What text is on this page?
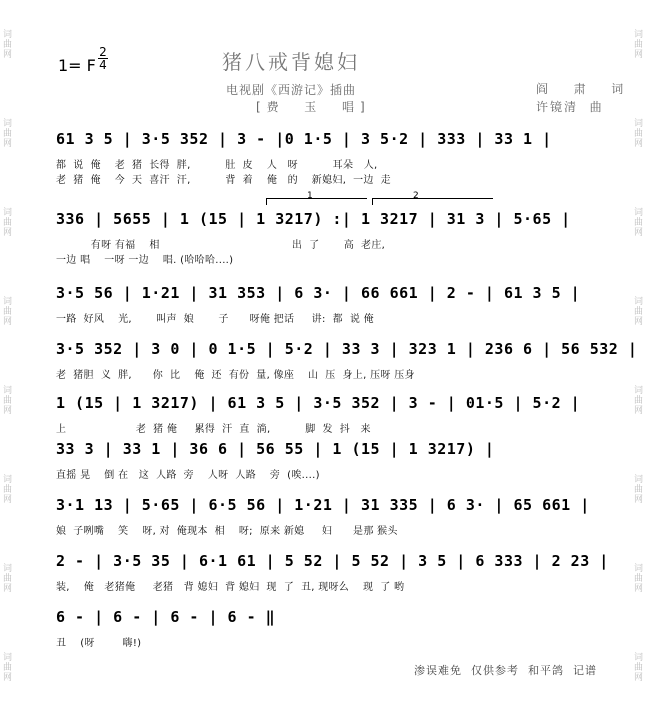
词曲网
词曲网
词曲网
词曲网
词曲网
词曲网
词曲网
词曲网
词曲网
词曲网
词曲网
词曲网
词曲网
词曲网
词曲网
词曲网
1= F $\frac{2}{4}$	猪八戒背媳妇
电视剧《西游记》插曲
[费  玉  唱]
阎  肃  词
许镜清  曲
61 3 5 | 3·5 352 | 3 - |0 1·5 | 3 5·2 | 333 | 33 1 |
都  说  俺    老  猪  长得  胖,          肚  皮    人   呀          耳朵   人,
老  猪  俺    今  天  喜汗  汗,          背  着    俺   的    新媳妇,  一边  走
1	2
336 | 5655 | 1 (15 | 1 3217) :| 1 3217 | 31 3 | 5·65 |
有呀 有福    相                                      出  了       高  老庄,
一边 唱    一呀 一边    唱. (哈哈哈....)
3·5 56 | 1·21 | 31 353 | 6 3· | 66 661 | 2 - | 61 3 5 |
一路  好风    光,       叫声  娘       子      呀俺 把话     讲:  都  说 俺
3·5 352 | 3 0 | 0 1·5 | 5·2 | 33 3 | 323 1 | 236 6 | 56 532 |
老  猪胆  义  胖,      你  比    俺  还  有份  量, 像座    山  压  身上, 压呀 压身
1 (15 | 1 3217) | 61 3 5 | 3·5 352 | 3 - | 01·5 | 5·2 |
上                    老  猪 俺     累得  汗  直  淌,          脚  发  抖   来
33 3 | 33 1 | 36 6 | 56 55 | 1 (15 | 1 3217) |
直摇 晃    倒 在   这  人路  旁    人呀  人路    旁  (唉....)
3·1 13 | 5·65 | 6·5 56 | 1·21 | 31 335 | 6 3· | 65 661 |
娘  子咧嘴    笑    呀, 对  俺现本  相    呀;  原来 新媳     妇      是那 猴头
2 - | 3·5 35 | 6·1 61 | 5 52 | 5 52 | 3 5 | 6 333 | 2 23 |
装,    俺   老猪俺     老猪   背 媳妇  背 媳妇  现  了  丑, 现呀么    现  了 哟
6 - | 6 - | 6 - | 6 - ‖
丑    (呀        嗨!)
渗误难免  仅供参考  和平鸽  记谱
